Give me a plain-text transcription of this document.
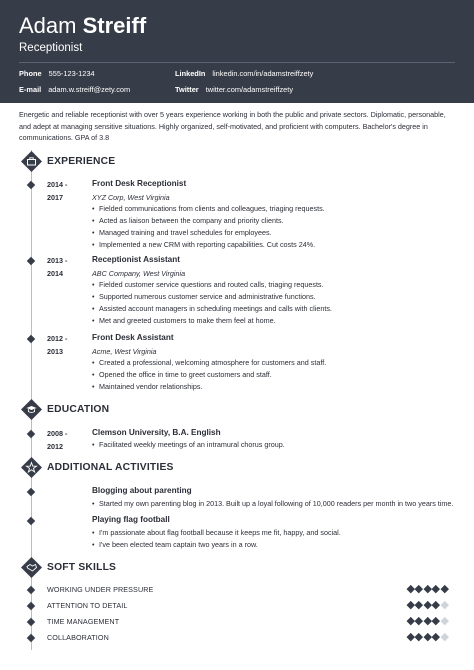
Adam Streiff
Receptionist
Phone 555-123-1234
E-mail adam.w.streiff@zety.com
LinkedIn linkedin.com/in/adamstreiffzety
Twitter twitter.com/adamstreiffzety
Energetic and reliable receptionist with over 5 years experience working in both the public and private sectors. Diplomatic, personable, and adept at managing sensitive situations. Highly organized, self-motivated, and proficient with computers. Bachelor's degree in communications. GPA of 3.8
EXPERIENCE
2014 -
2017
Front Desk Receptionist
XYZ Corp, West Virginia
• Fielded communications from clients and colleagues, triaging requests.
• Acted as liaison between the company and priority clients.
• Managed training and travel schedules for employees.
• Implemented a new CRM with reporting capabilities. Cut costs 24%.
2013 -
2014
Receptionist Assistant
ABC Company, West Virginia
• Fielded customer service questions and routed calls, triaging requests.
• Supported numerous customer service and administrative functions.
• Assisted account managers in scheduling meetings and calls with clients.
• Met and greeted customers to make them feel at home.
2012 -
2013
Front Desk Assistant
Acme, West Virginia
• Created a professional, welcoming atmosphere for customers and staff.
• Opened the office in time to greet customers and staff.
• Maintained vendor relationships.
EDUCATION
2008 -
2012
Clemson University, B.A. English
• Facilitated weekly meetings of an intramural chorus group.
ADDITIONAL ACTIVITIES
Blogging about parenting
• Started my own parenting blog in 2013. Built up a loyal following of 10,000 readers per month in two years time.
Playing flag football
• I'm passionate about flag football because it keeps me fit, happy, and social.
• I've been elected team captain two years in a row.
SOFT SKILLS
WORKING UNDER PRESSURE
ATTENTION TO DETAIL
TIME MANAGEMENT
COLLABORATION
